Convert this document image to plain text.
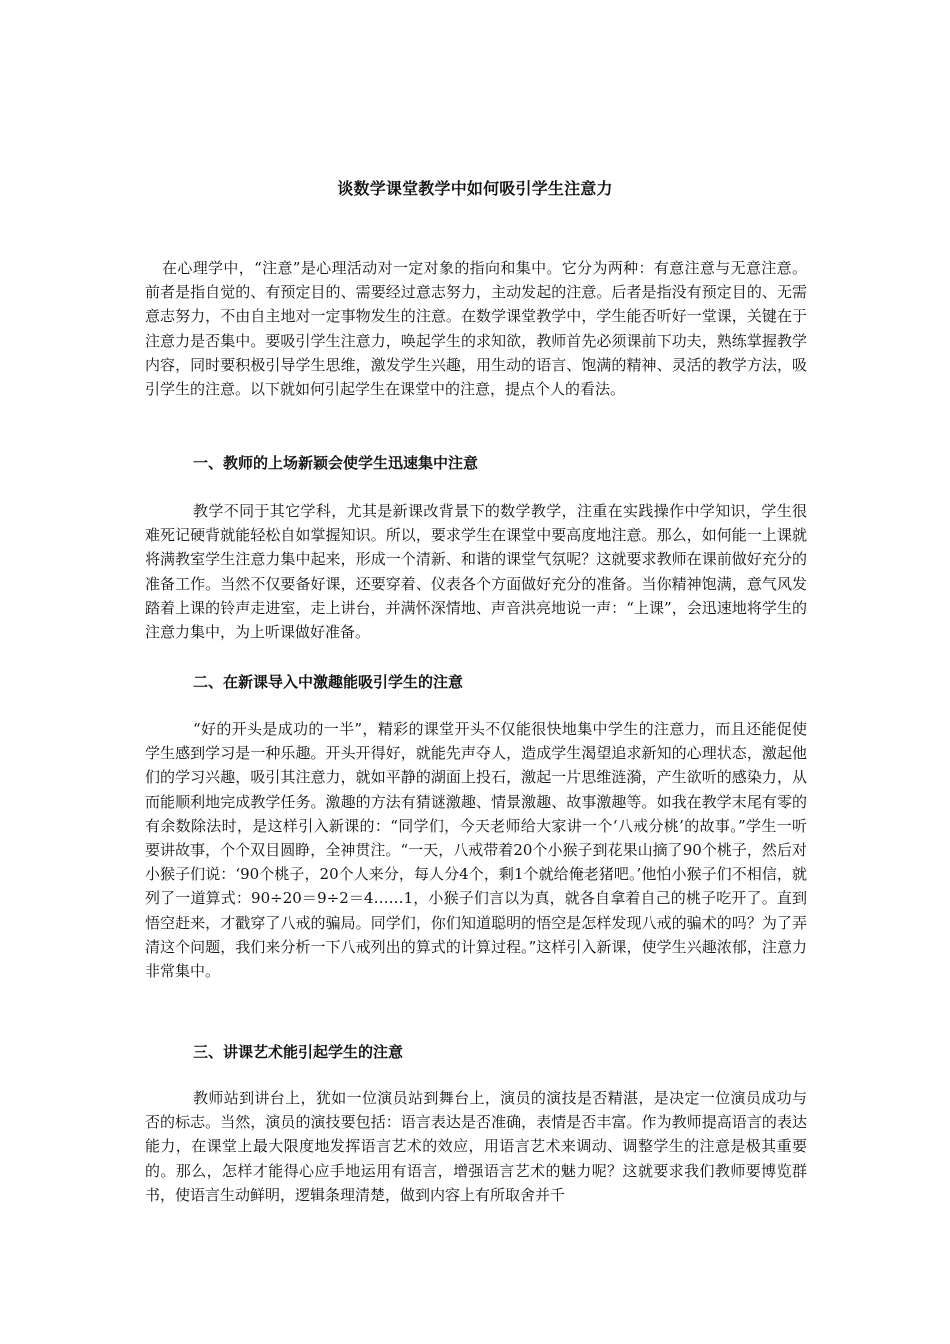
谈数学课堂教学中如何吸引学生注意力

在心理学中，“注意”是心理活动对一定对象的指向和集中。它分为两种：有意注意与无意注意。前者是指自觉的、有预定目的、需要经过意志努力，主动发起的注意。后者是指没有预定目的、无需意志努力，不由自主地对一定事物发生的注意。在数学课堂教学中，学生能否听好一堂课，关键在于注意力是否集中。要吸引学生注意力，唤起学生的求知欲，教师首先必须课前下功夫，熟练掌握教学内容，同时要积极引导学生思维，激发学生兴趣，用生动的语言、饱满的精神、灵活的教学方法，吸引学生的注意。以下就如何引起学生在课堂中的注意，提点个人的看法。

一、教师的上场新颖会使学生迅速集中注意

教学不同于其它学科，尤其是新课改背景下的数学教学，注重在实践操作中学知识，学生很难死记硬背就能轻松自如掌握知识。所以，要求学生在课堂中要高度地注意。那么，如何能一上课就将满教室学生注意力集中起来，形成一个清新、和谐的课堂气氛呢？这就要求教师在课前做好充分的准备工作。当然不仅要备好课，还要穿着、仪表各个方面做好充分的准备。当你精神饱满，意气风发踏着上课的铃声走进室，走上讲台，并满怀深情地、声音洪亮地说一声：“上课”，会迅速地将学生的注意力集中，为上听课做好准备。

二、在新课导入中激趣能吸引学生的注意

“好的开头是成功的一半”，精彩的课堂开头不仅能很快地集中学生的注意力，而且还能促使学生感到学习是一种乐趣。开头开得好，就能先声夺人，造成学生渴望追求新知的心理状态，激起他们的学习兴趣，吸引其注意力，就如平静的湖面上投石，激起一片思维涟漪，产生欲听的感染力，从而能顺利地完成教学任务。激趣的方法有猜谜激趣、情景激趣、故事激趣等。如我在教学末尾有零的有余数除法时，是这样引入新课的：“同学们，今天老师给大家讲一个‘八戒分桃’的故事。”学生一听要讲故事，个个双目圆睁，全神贯注。“一天，八戒带着20个小猴子到花果山摘了90个桃子，然后对小猴子们说：‘90个桃子，20个人来分，每人分4个，剩1个就给俺老猪吧。’他怕小猴子们不相信，就列了一道算式：90÷20＝9÷2＝4……1，小猴子们言以为真，就各自拿着自己的桃子吃开了。直到悟空赶来，才戳穿了八戒的骗局。同学们，你们知道聪明的悟空是怎样发现八戒的骗术的吗？为了弄清这个问题，我们来分析一下八戒列出的算式的计算过程。”这样引入新课，使学生兴趣浓郁，注意力非常集中。

三、讲课艺术能引起学生的注意

教师站到讲台上，犹如一位演员站到舞台上，演员的演技是否精湛，是决定一位演员成功与否的标志。当然，演员的演技要包括：语言表达是否准确，表情是否丰富。作为教师提高语言的表达能力，在课堂上最大限度地发挥语言艺术的效应，用语言艺术来调动、调整学生的注意是极其重要的。那么，怎样才能得心应手地运用有语言，增强语言艺术的魅力呢？这就要求我们教师要博览群书，使语言生动鲜明，逻辑条理清楚，做到内容上有所取舍并千
